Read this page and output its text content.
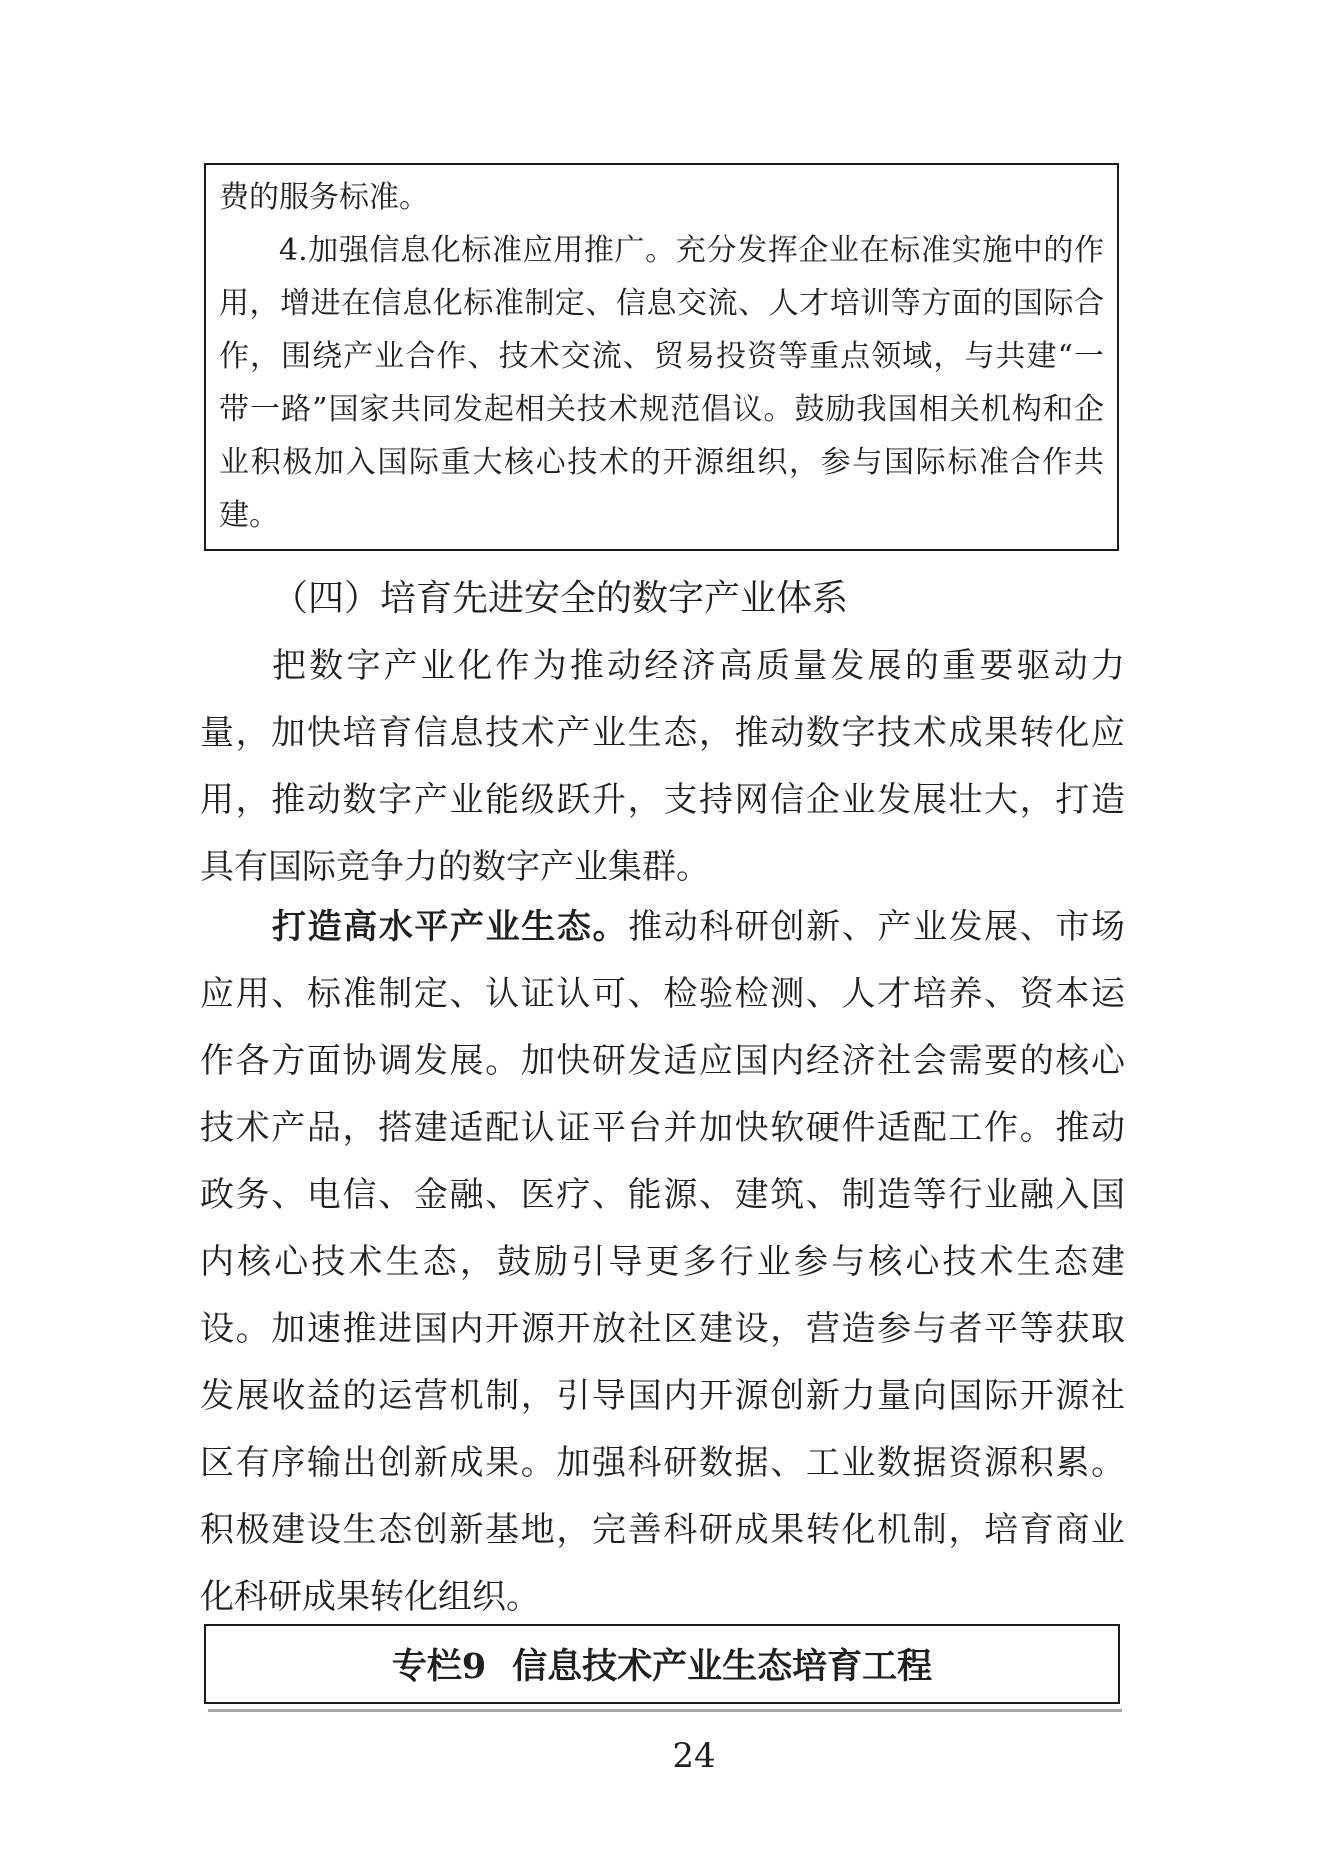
费的服务标准。
4.加强信息化标准应用推广。充分发挥企业在标准实施中的作
用，增进在信息化标准制定、信息交流、人才培训等方面的国际合
作，围绕产业合作、技术交流、贸易投资等重点领域，与共建“一
带一路”国家共同发起相关技术规范倡议。鼓励我国相关机构和企
业积极加入国际重大核心技术的开源组织，参与国际标准合作共
建。
（四）培育先进安全的数字产业体系
把数字产业化作为推动经济高质量发展的重要驱动力
量，加快培育信息技术产业生态，推动数字技术成果转化应
用，推动数字产业能级跃升，支持网信企业发展壮大，打造
具有国际竞争力的数字产业集群。
打造高水平产业生态。推动科研创新、产业发展、市场
应用、标准制定、认证认可、检验检测、人才培养、资本运
作各方面协调发展。加快研发适应国内经济社会需要的核心
技术产品，搭建适配认证平台并加快软硬件适配工作。推动
政务、电信、金融、医疗、能源、建筑、制造等行业融入国
内核心技术生态，鼓励引导更多行业参与核心技术生态建
设。加速推进国内开源开放社区建设，营造参与者平等获取
发展收益的运营机制，引导国内开源创新力量向国际开源社
区有序输出创新成果。加强科研数据、工业数据资源积累。
积极建设生态创新基地，完善科研成果转化机制，培育商业
化科研成果转化组织。
专栏9 信息技术产业生态培育工程
24
